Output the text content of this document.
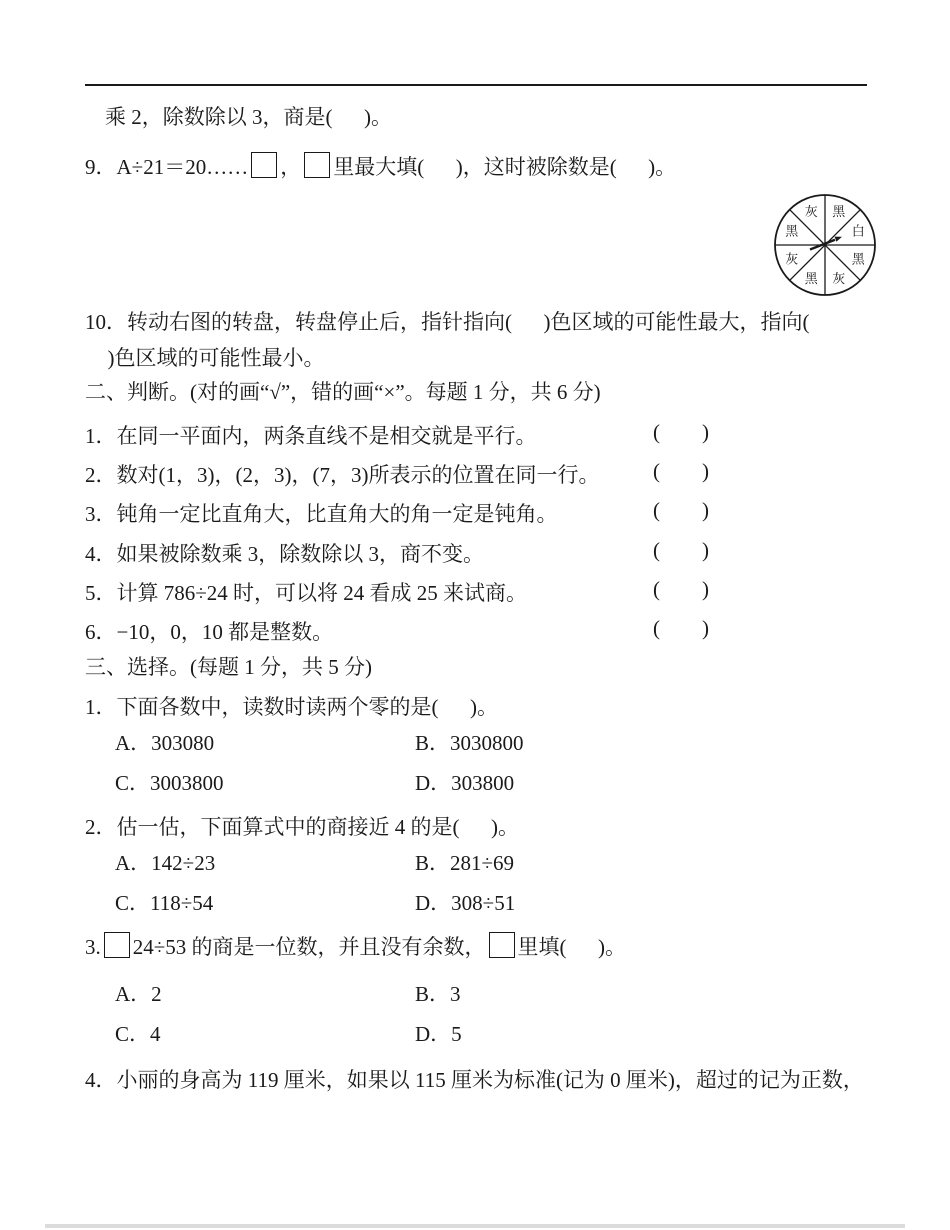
乘 2，除数除以 3，商是(      )。

9．A÷21＝20…… ， 里最大填(      )，这时被除数是(      )。

黑
白
黑
灰
黑
灰
黑
灰

10．转动右图的转盘，转盘停止后，指针指向(      )色区域的可能性最大，指向(

)色区域的可能性最小。

二、判断。(对的画“√”，错的画“×”。每题 1 分，共 6 分)

1．在同一平面内，两条直线不是相交就是平行。	(        )
2．数对(1，3)，(2，3)，(7，3)所表示的位置在同一行。	(        )
3．钝角一定比直角大，比直角大的角一定是钝角。	(        )
4．如果被除数乘 3，除数除以 3，商不变。	(        )
5．计算 786÷24 时，可以将 24 看成 25 来试商。	(        )
6．−10，0，10 都是整数。	(        )

三、选择。(每题 1 分，共 5 分)

1．下面各数中，读数时读两个零的是(      )。

A．303080	B．3030800
C．3003800	D．303800

2．估一估，下面算式中的商接近 4 的是(      )。

A．142÷23	B．281÷69
C．118÷54	D．308÷51

3. 24÷53 的商是一位数，并且没有余数， 里填(      )。

A．2	B．3
C．4	D．5

4．小丽的身高为 119 厘米，如果以 115 厘米为标准(记为 0 厘米)，超过的记为正数，
